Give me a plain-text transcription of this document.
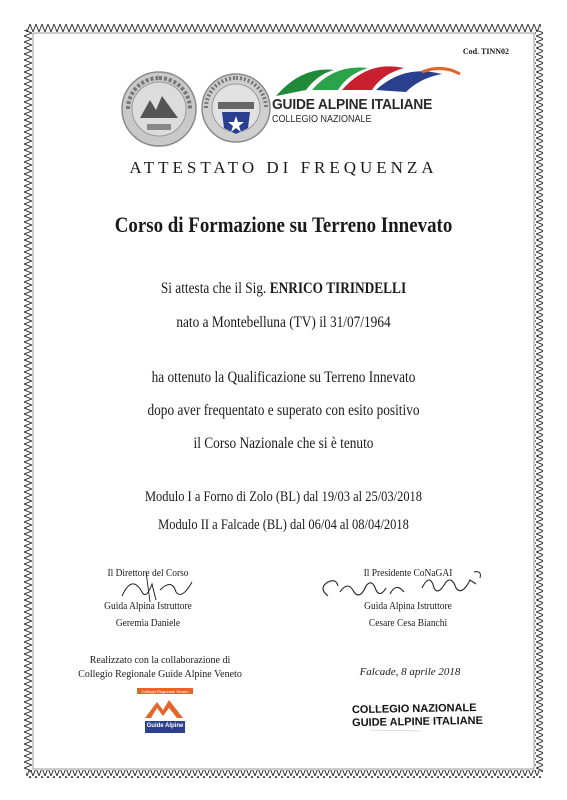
Cod. TINN02
GUIDE ALPINE ITALIANE
COLLEGIO NAZIONALE
ATTESTATO DI FREQUENZA
Corso di Formazione su Terreno Innevato
Si attesta che il Sig. ENRICO TIRINDELLI
nato a Montebelluna (TV) il 31/07/1964
ha ottenuto la Qualificazione su Terreno Innevato
dopo aver frequentato e superato con esito positivo
il Corso Nazionale che si è tenuto
Modulo I a Forno di Zolo (BL) dal 19/03 al 25/03/2018
Modulo II a Falcade (BL) dal 06/04 al 08/04/2018
Il Direttore del Corso
Guida Alpina Istruttore
Geremia Daniele
Il Presidente CoNaGAI
Guida Alpina Istruttore
Cesare Cesa Bianchi
Realizzato con la collaborazione di
Collegio Regionale Guide Alpine Veneto
Collegio Regionale Veneto
Guide Alpine
Falcade, 8 aprile 2018
COLLEGIO NAZIONALE
GUIDE ALPINE ITALIANE
